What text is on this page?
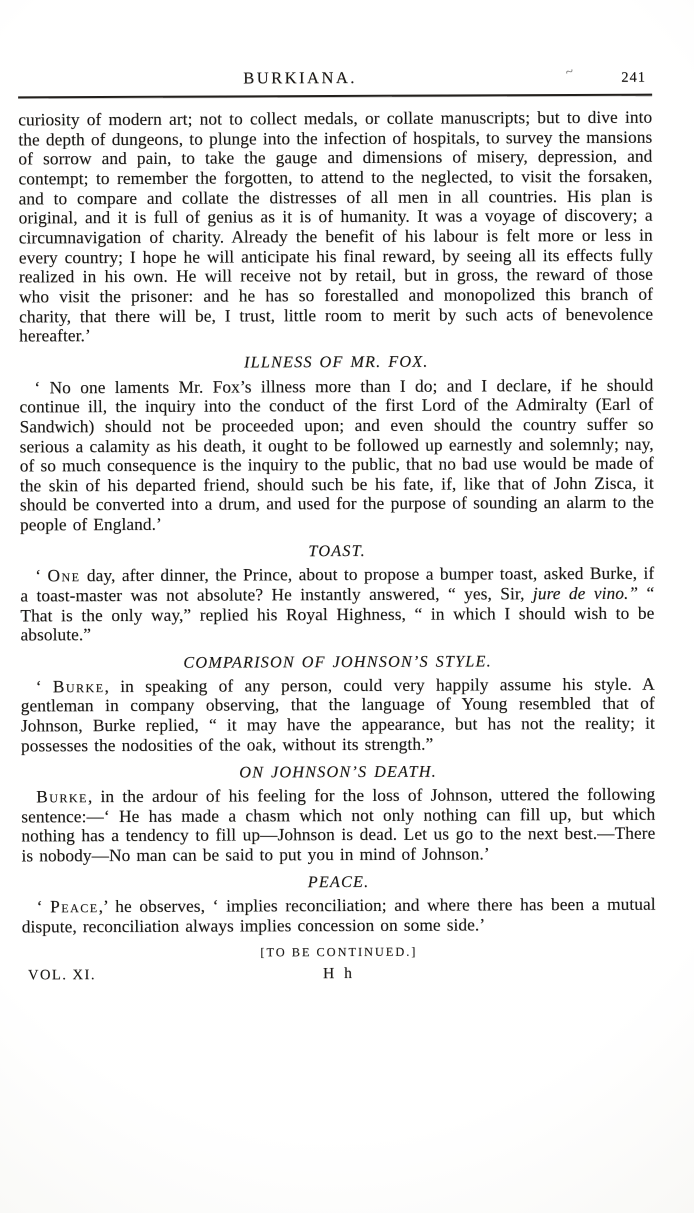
BURKIANA.	~	241

curiosity of modern art; not to collect medals, or collate manuscripts; but to dive into the depth of dungeons, to plunge into the infection of hospitals, to survey the mansions of sorrow and pain, to take the gauge and dimensions of misery, depression, and contempt; to remember the forgotten, to attend to the neglected, to visit the forsaken, and to compare and collate the distresses of all men in all countries. His plan is original, and it is full of genius as it is of humanity. It was a voyage of discovery; a circumnavigation of charity. Already the benefit of his labour is felt more or less in every country; I hope he will anticipate his final reward, by seeing all its effects fully realized in his own. He will receive not by retail, but in gross, the reward of those who visit the prisoner: and he has so forestalled and monopolized this branch of charity, that there will be, I trust, little room to merit by such acts of benevolence hereafter.’

ILLNESS OF MR. FOX.

‘ No one laments Mr. Fox’s illness more than I do; and I declare, if he should continue ill, the inquiry into the conduct of the first Lord of the Admiralty (Earl of Sandwich) should not be proceeded upon; and even should the country suffer so serious a calamity as his death, it ought to be followed up earnestly and solemnly; nay, of so much consequence is the inquiry to the public, that no bad use would be made of the skin of his departed friend, should such be his fate, if, like that of John Zisca, it should be converted into a drum, and used for the purpose of sounding an alarm to the people of England.’

TOAST.

‘ One day, after dinner, the Prince, about to propose a bumper toast, asked Burke, if a toast-master was not absolute? He instantly answered, “ yes, Sir, jure de vino.” “ That is the only way,” replied his Royal Highness, “ in which I should wish to be absolute.”

COMPARISON OF JOHNSON’S STYLE.

‘ Burke, in speaking of any person, could very happily assume his style. A gentleman in company observing, that the language of Young resembled that of Johnson, Burke replied, “ it may have the appearance, but has not the reality; it possesses the nodosities of the oak, without its strength.”

ON JOHNSON’S DEATH.

Burke, in the ardour of his feeling for the loss of Johnson, uttered the following sentence:—‘ He has made a chasm which not only nothing can fill up, but which nothing has a tendency to fill up—Johnson is dead. Let us go to the next best.—There is nobody—No man can be said to put you in mind of Johnson.’

PEACE.

‘ Peace,’ he observes, ‘ implies reconciliation; and where there has been a mutual dispute, reconciliation always implies concession on some side.’

[TO BE CONTINUED.]
VOL. XI.	H h
